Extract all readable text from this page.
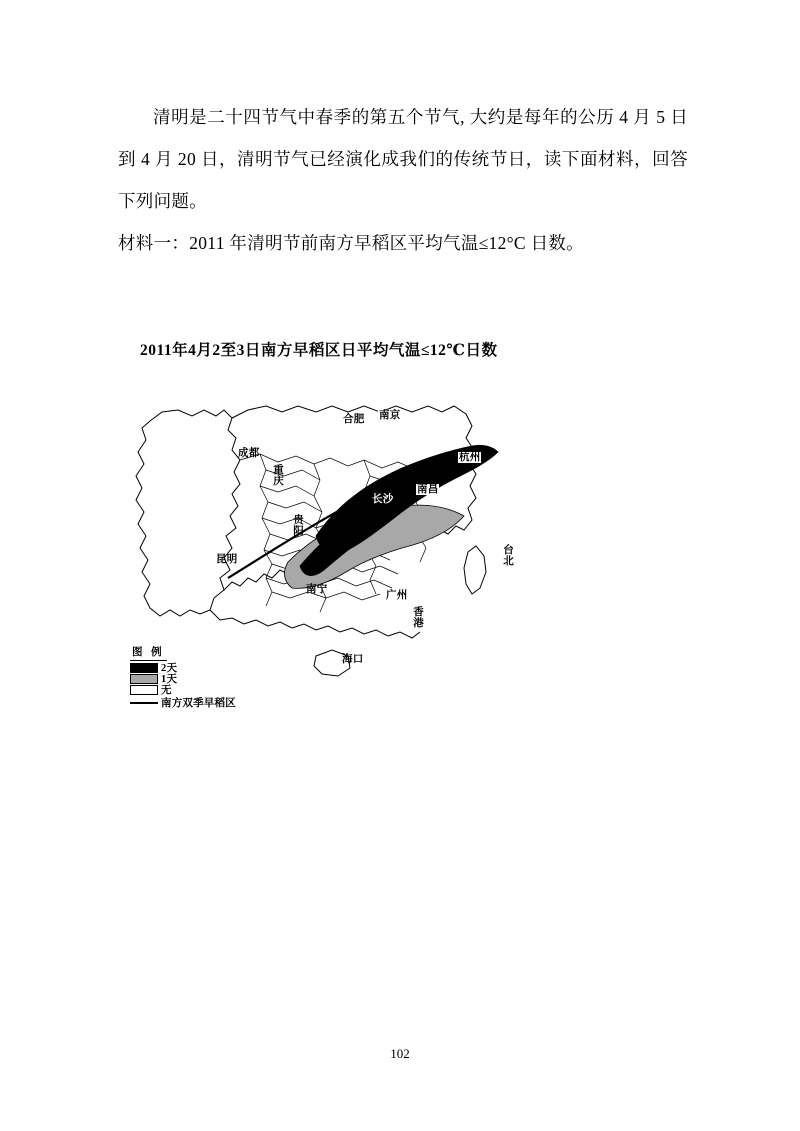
清明是二十四节气中春季的第五个节气, 大约是每年的公历 4 月 5 日到 4 月 20 日，清明节气已经演化成我们的传统节日，读下面材料，回答下列问题。

材料一：2011 年清明节前南方早稻区平均气温≤12°C 日数。

2011年4月2至3日南方早稻区日平均气温≤12℃日数
合肥 南京
成都
重庆
武汉
杭州
长沙
南昌
贵阳
昆明
南宁
广州
香港
台北
海口
图 例
2天
1天
无
南方双季早稻区
102
